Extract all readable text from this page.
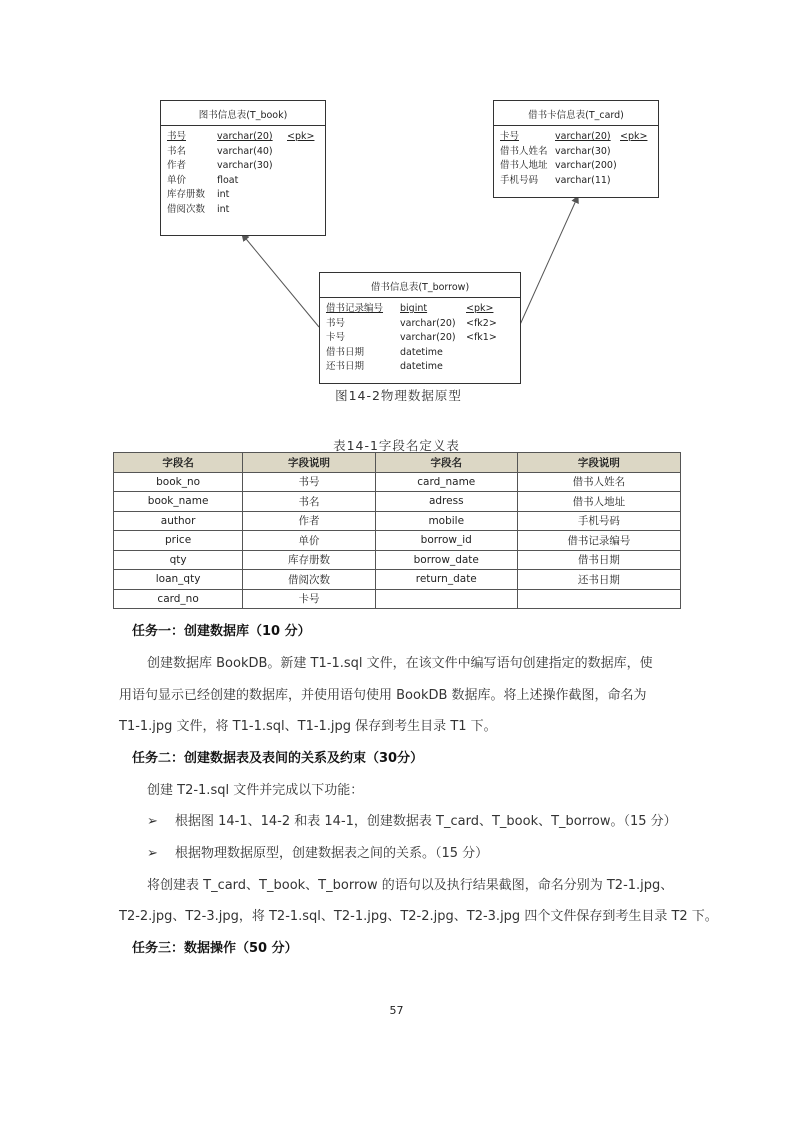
图书信息表(T_book)
书号	varchar(20)	<pk>
书名	varchar(40)
作者	varchar(30)
单价	float
库存册数	int
借阅次数	int
借书卡信息表(T_card)
卡号	varchar(20) <pk>
借书人姓名 varchar(30)
借书人地址 varchar(200)
手机号码	varchar(11)
借书信息表(T_borrow)
借书记录编号	bigint	<pk>
书号	varchar(20)	<fk2>
卡号	varchar(20)	<fk1>
借书日期	datetime
还书日期	datetime
图14-2物理数据原型
表14-1字段名定义表
字段名	字段说明	字段名	字段说明
book_no	书号	card_name	借书人姓名
book_name	书名	adress	借书人地址
author	作者	mobile	手机号码
price	单价	borrow_id	借书记录编号
qty	库存册数	borrow_date	借书日期
loan_qty	借阅次数	return_date	还书日期
card_no	卡号		
任务一：创建数据库（10 分）
创建数据库 BookDB。新建 T1-1.sql 文件，在该文件中编写语句创建指定的数据库，使
用语句显示已经创建的数据库，并使用语句使用 BookDB 数据库。将上述操作截图，命名为
T1-1.jpg 文件，将 T1-1.sql、T1-1.jpg 保存到考生目录 T1 下。
任务二：创建数据表及表间的关系及约束（30分）
创建 T2-1.sql 文件并完成以下功能：
➢ 根据图 14-1、14-2 和表 14-1，创建数据表 T_card、T_book、T_borrow。（15 分）
➢ 根据物理数据原型，创建数据表之间的关系。（15 分）
将创建表 T_card、T_book、T_borrow 的语句以及执行结果截图，命名分别为 T2-1.jpg、
T2-2.jpg、T2-3.jpg，将 T2-1.sql、T2-1.jpg、T2-2.jpg、T2-3.jpg 四个文件保存到考生目录 T2 下。
任务三：数据操作（50 分）
57
